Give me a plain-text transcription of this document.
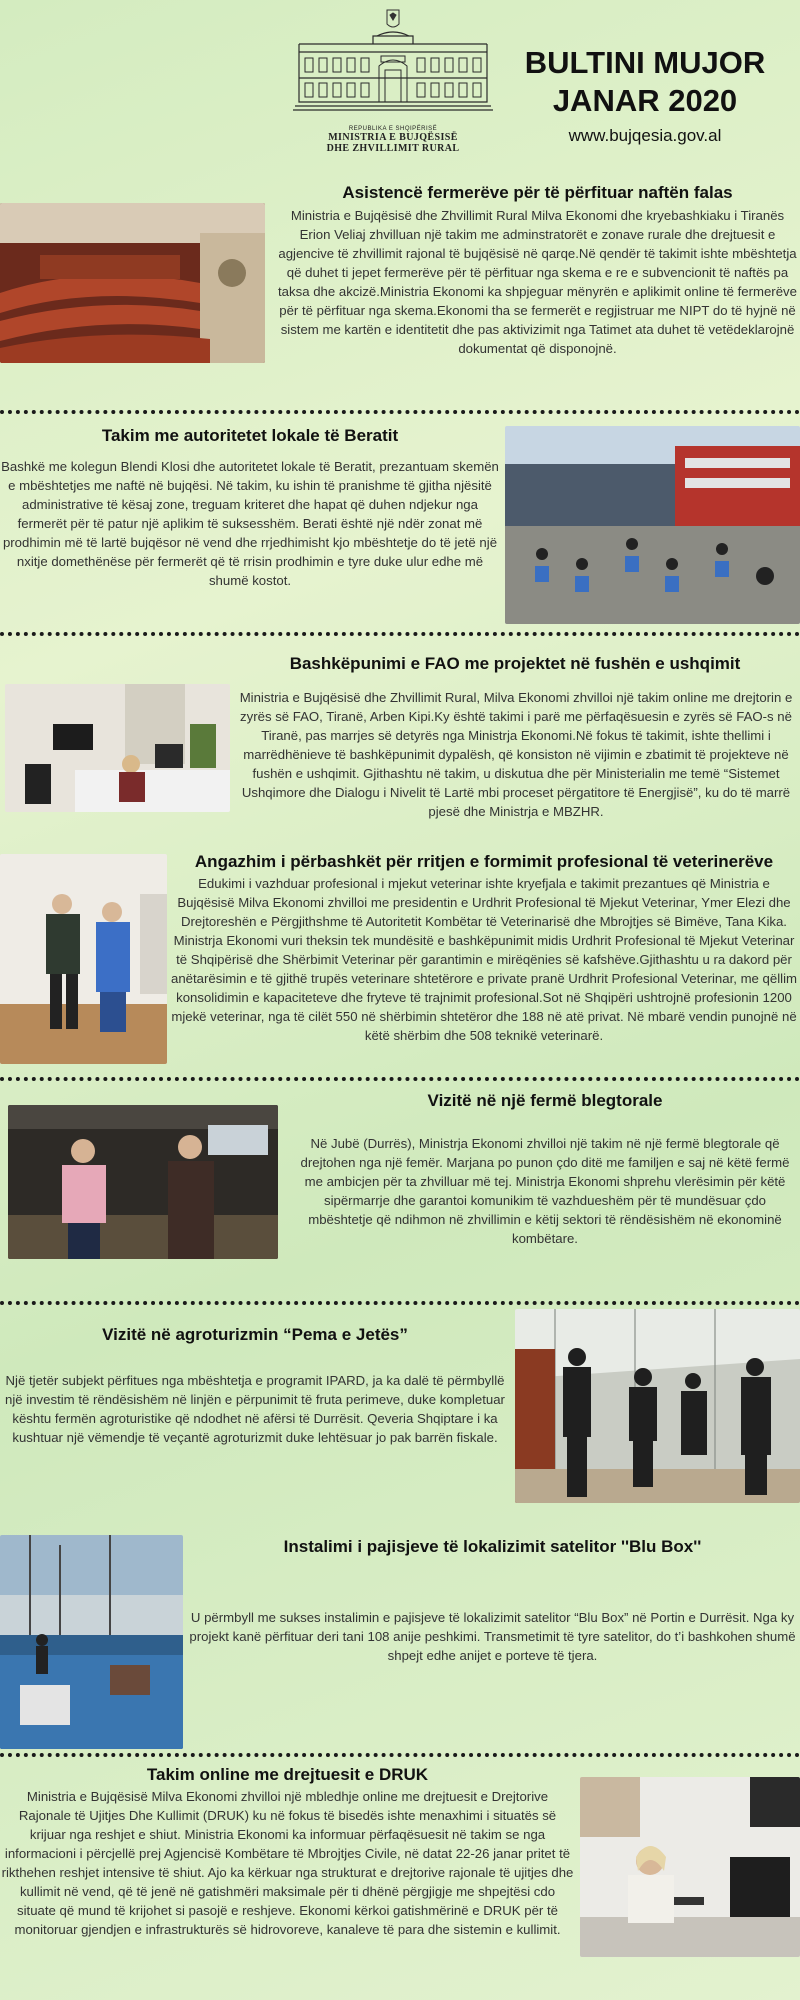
REPUBLIKA E SHQIPËRISË
MINISTRIA E BUJQËSISË
DHE ZHVILLIMIT RURAL
BULTINI MUJOR
JANAR 2020
www.bujqesia.gov.al
Asistencë fermerëve për të përfituar naftën falas

Ministria e Bujqësisë dhe Zhvillimit Rural Milva Ekonomi dhe kryebashkiaku i Tiranës Erion Veliaj zhvilluan një takim me adminstratorët e zonave rurale dhe drejtuesit e agjencive të zhvillimit rajonal të bujqësisë në qarqe.Në qendër të takimit ishte mbështetja që duhet ti jepet fermerëve për të përfituar nga skema e re e subvencionit të naftës pa taksa dhe akcizë.Ministria Ekonomi ka shpjeguar mënyrën e aplikimit online të fermerëve për të përfituar nga skema.Ekonomi tha se fermerët e regjistruar me NIPT do të hyjnë në sistem me kartën e identitetit dhe pas aktivizimit nga Tatimet ata duhet të vetëdeklarojnë dokumentat që disponojnë.

Takim me autoritetet lokale të Beratit

Bashkë me kolegun Blendi Klosi dhe autoritetet lokale të Beratit, prezantuam skemën e mbështetjes me naftë në bujqësi. Në takim, ku ishin të pranishme të gjitha njësitë administrative të kësaj zone, treguam kriteret dhe hapat që duhen ndjekur nga fermerët për të patur një aplikim të suksesshëm. Berati është një ndër zonat më prodhimin më të lartë bujqësor në vend dhe rrjedhimisht kjo mbështetje do të jetë një nxitje domethënëse për fermerët që të rrisin prodhimin e tyre duke ulur edhe më shumë kostot.

Bashkëpunimi e FAO me projektet në fushën e ushqimit

Ministria e Bujqësisë dhe Zhvillimit Rural, Milva Ekonomi zhvilloi një takim online me drejtorin e zyrës së FAO, Tiranë, Arben Kipi.Ky është takimi i parë me përfaqësuesin e zyrës së FAO-s në Tiranë, pas marrjes së detyrës nga Ministrja Ekonomi.Në fokus të takimit, ishte thellimi i marrëdhënieve të bashkëpunimit dypalësh, që konsiston në vijimin e zbatimit të projekteve në fushën e ushqimit. Gjithashtu në takim, u diskutua dhe për Ministerialin me temë “Sistemet Ushqimore dhe Dialogu i Nivelit të Lartë mbi proceset përgatitore të Energjisë”, ku do të marrë pjesë dhe Ministrja e MBZHR.

Angazhim i përbashkët për rritjen e formimit profesional të veterinerëve

Edukimi i vazhduar profesional i mjekut veterinar ishte kryefjala e takimit prezantues që Ministria e Bujqësisë Milva Ekonomi zhvilloi me presidentin e Urdhrit Profesional të Mjekut Veterinar, Ymer Elezi dhe Drejtoreshën e Përgjithshme të Autoritetit Kombëtar të Veterinarisë dhe Mbrojtjes së Bimëve, Tana Kika. Ministrja Ekonomi vuri theksin tek mundësitë e bashkëpunimit midis Urdhrit Profesional të Mjekut Veterinar të Shqipërisë dhe Shërbimit Veterinar për garantimin e mirëqënies së kafshëve.Gjithashtu u ra dakord për anëtarësimin e të gjithë trupës veterinare shtetërore e private pranë Urdhrit Profesional Veterinar, me qëllim konsolidimin e kapaciteteve dhe fryteve të trajnimit profesional.Sot në Shqipëri ushtrojnë profesionin 1200 mjekë veterinar, nga të cilët 550 në shërbimin shtetëror dhe 188 në atë privat. Në mbarë vendin punojnë në këtë shërbim dhe 508 teknikë veterinarë.

Vizitë në një fermë blegtorale

Në Jubë (Durrës), Ministrja Ekonomi zhvilloi një takim në një fermë blegtorale që drejtohen nga një femër. Marjana po punon çdo ditë me familjen e saj në këtë fermë me ambicjen për ta zhvilluar më tej. Ministrja Ekonomi shprehu vlerësimin për këtë sipërmarrje dhe garantoi komunikim të vazhdueshëm për të mundësuar çdo mbështetje që ndihmon në zhvillimin e këtij sektori të rëndësishëm në ekonominë kombëtare.

Vizitë në agroturizmin “Pema e Jetës”

Një tjetër subjekt përfitues nga mbështetja e programit IPARD, ja ka dalë të përmbyllë një investim të rëndësishëm në linjën e përpunimit të fruta perimeve, duke kompletuar kështu fermën agroturistike që ndodhet në afërsi të Durrësit. Qeveria Shqiptare i ka kushtuar një vëmendje të veçantë agroturizmit duke lehtësuar jo pak barrën fiskale.

Instalimi i pajisjeve të lokalizimit satelitor ''Blu Box''

U përmbyll me sukses instalimin e pajisjeve të lokalizimit satelitor “Blu Box” në Portin e Durrësit. Nga ky projekt kanë përfituar deri tani 108 anije peshkimi. Transmetimit të tyre satelitor, do t’i bashkohen shumë shpejt edhe anijet e porteve të tjera.

Takim online me drejtuesit e DRUK

Ministria e Bujqësisë Milva Ekonomi zhvilloi një mbledhje online me drejtuesit e Drejtorive Rajonale të Ujitjes Dhe Kullimit (DRUK) ku në fokus të bisedës ishte menaxhimi i situatës së krijuar nga reshjet e shiut. Ministria Ekonomi ka informuar përfaqësuesit në takim se nga informacioni i përcjellë prej Agjencisë Kombëtare të Mbrojtjes Civile, në datat 22-26 janar pritet të rikthehen reshjet intensive të shiut. Ajo ka kërkuar nga strukturat e drejtorive rajonale të ujitjes dhe kullimit në vend, që të jenë në gatishmëri maksimale për ti dhënë përgjigje me shpejtësi cdo situate që mund të krijohet si pasojë e reshjeve. Ekonomi kërkoi gatishmërinë e DRUK për të monitoruar gjendjen e infrastrukturës së hidrovoreve, kanaleve të para dhe sistemin e kullimit.
